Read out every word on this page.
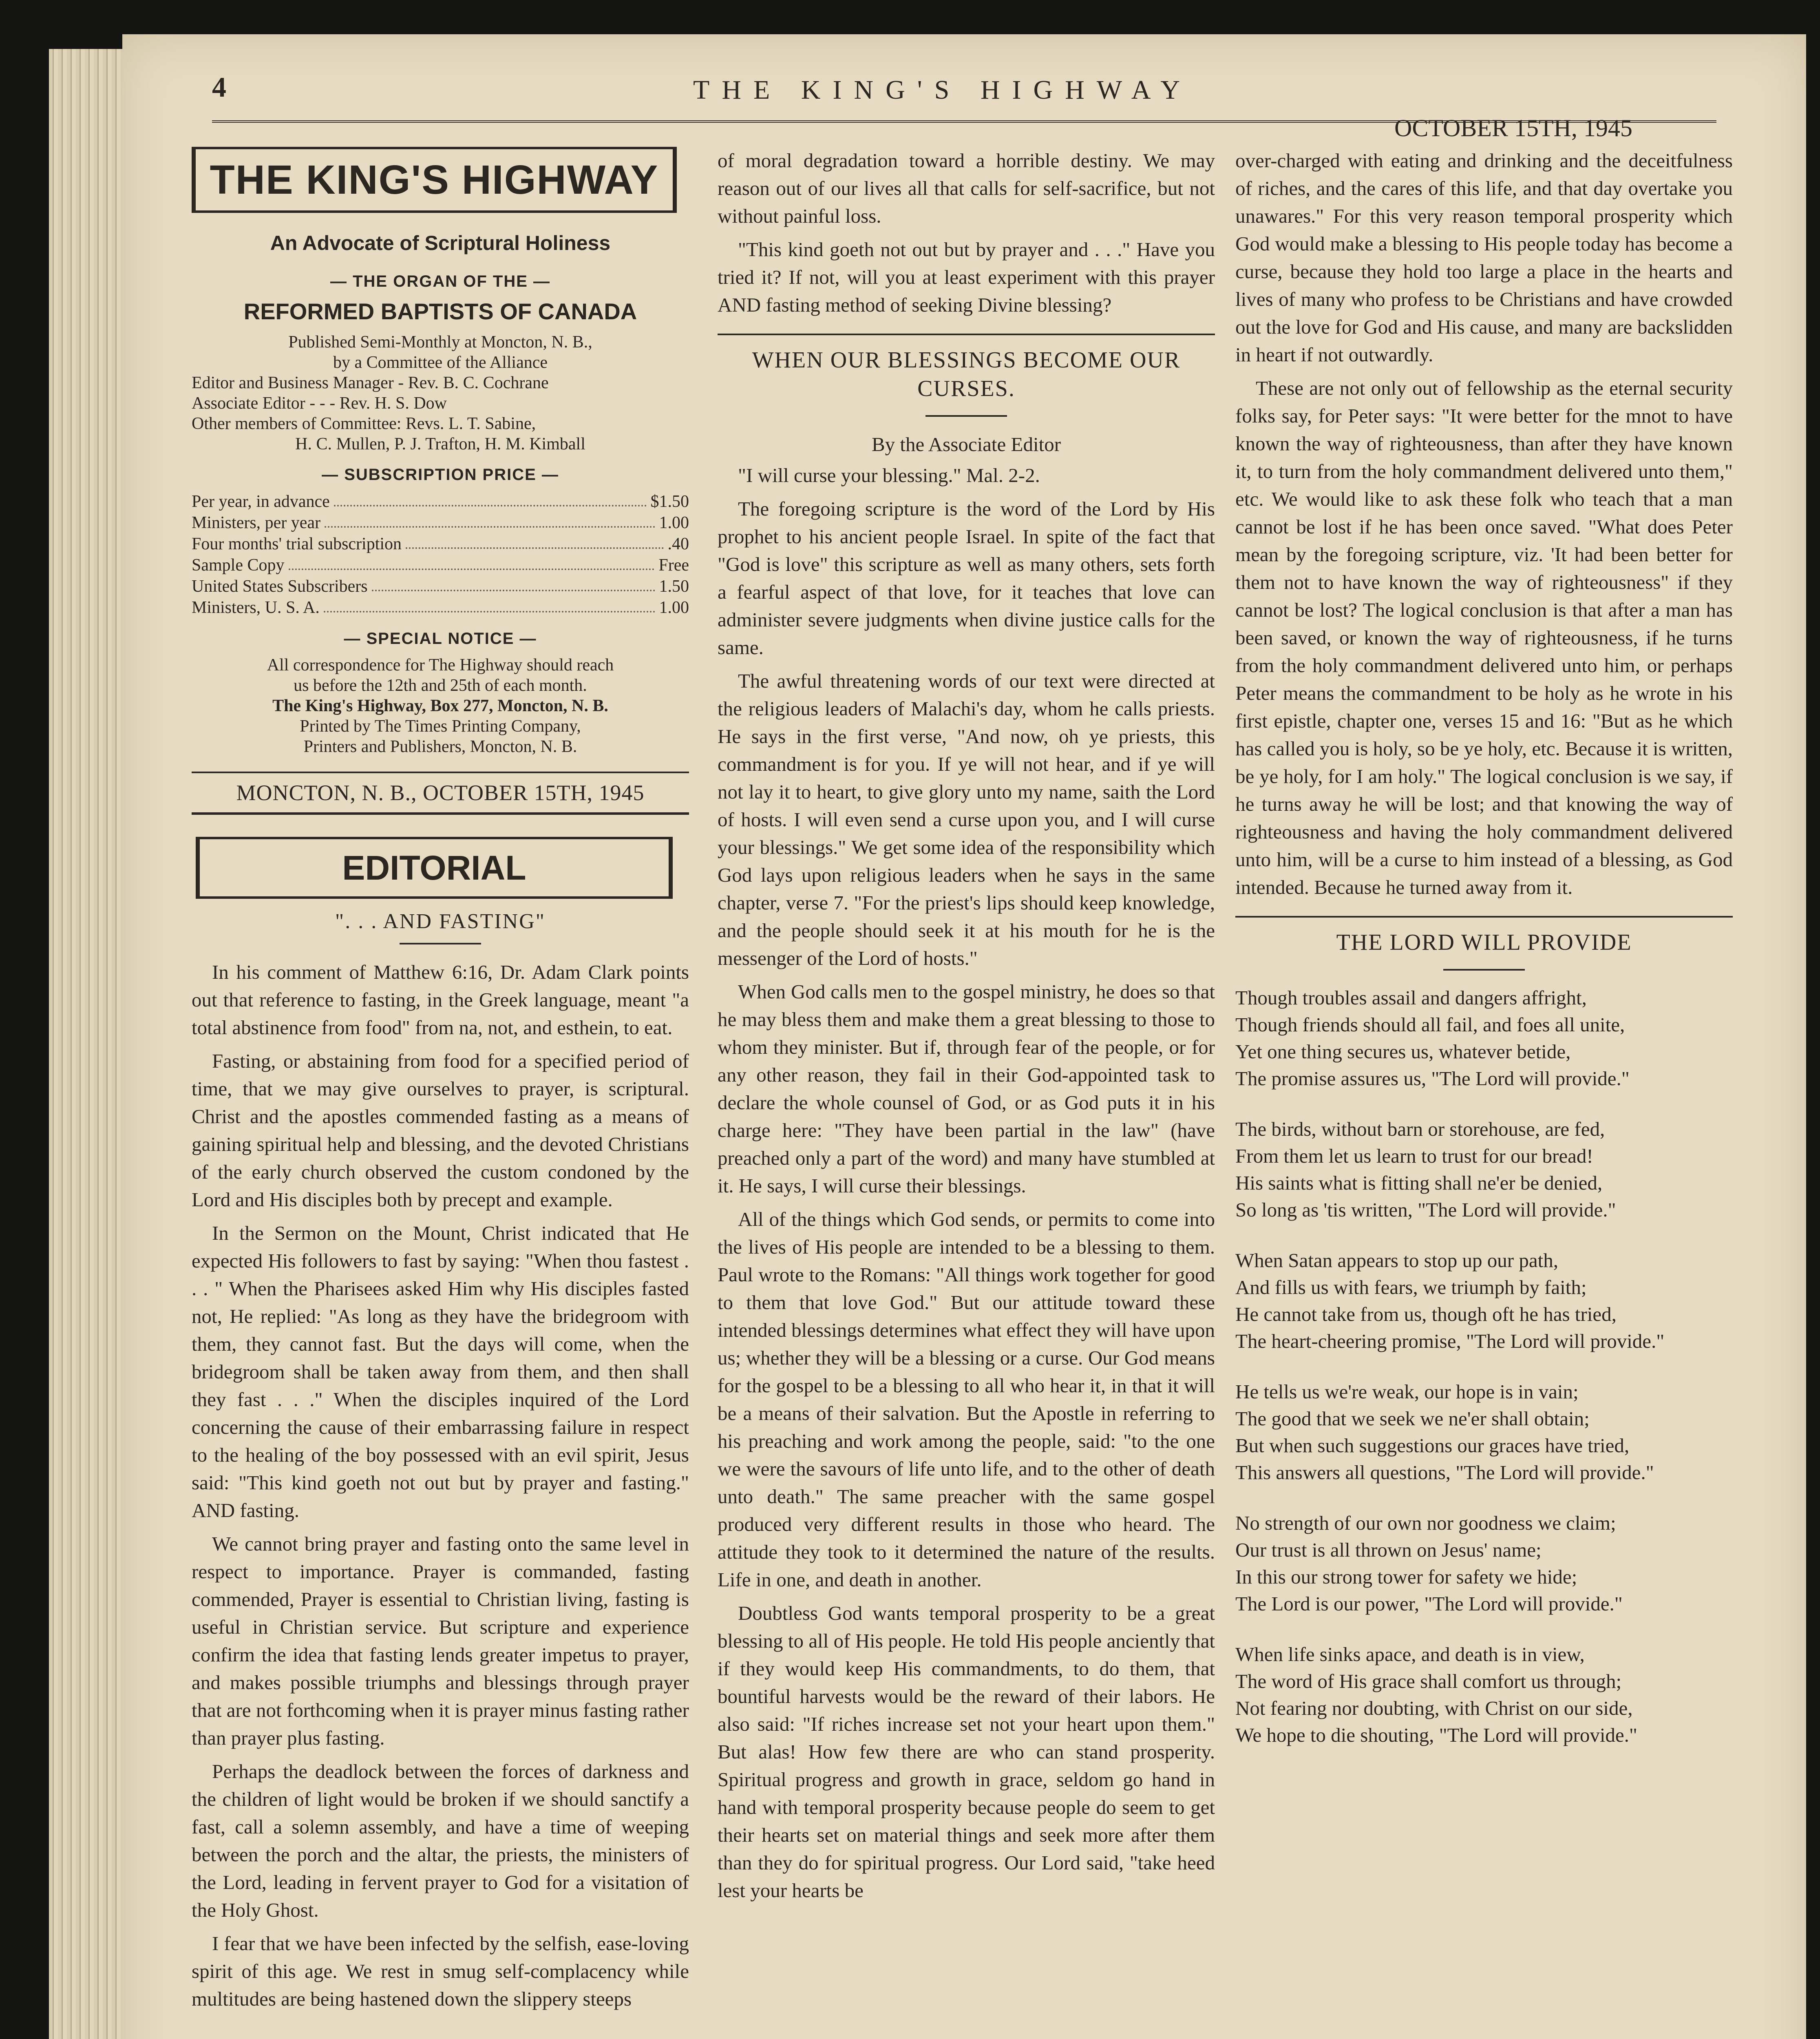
4	THE KING'S HIGHWAY
OCTOBER 15TH, 1945
THE KING'S HIGHWAY
An Advocate of Scriptural Holiness
— THE ORGAN OF THE —
REFORMED BAPTISTS OF CANADA
Published Semi-Monthly at Moncton, N. B.,
by a Committee of the Alliance
Editor and Business Manager - Rev. B. C. Cochrane
Associate Editor - - - Rev. H. S. Dow
Other members of Committee: Revs. L. T. Sabine,
H. C. Mullen, P. J. Trafton, H. M. Kimball
— SUBSCRIPTION PRICE —
Per year, in advance	$1.50
Ministers, per year	1.00
Four months' trial subscription	.40
Sample Copy	Free
United States Subscribers	1.50
Ministers, U. S. A.	1.00
— SPECIAL NOTICE —
All correspondence for The Highway should reach
us before the 12th and 25th of each month.
The King's Highway, Box 277, Moncton, N. B.
Printed by The Times Printing Company,
Printers and Publishers, Moncton, N. B.
MONCTON, N. B., OCTOBER 15TH, 1945
EDITORIAL
". . . AND FASTING"

In his comment of Matthew 6:16, Dr. Adam Clark points out that reference to fasting, in the Greek language, meant "a total abstinence from food" from na, not, and esthein, to eat.

Fasting, or abstaining from food for a specified period of time, that we may give ourselves to prayer, is scriptural. Christ and the apostles commended fasting as a means of gaining spiritual help and blessing, and the devoted Christians of the early church observed the custom condoned by the Lord and His disciples both by precept and example.

In the Sermon on the Mount, Christ indicated that He expected His followers to fast by saying: "When thou fastest . . . " When the Pharisees asked Him why His disciples fasted not, He replied: "As long as they have the bridegroom with them, they cannot fast. But the days will come, when the bridegroom shall be taken away from them, and then shall they fast . . ." When the disciples inquired of the Lord concerning the cause of their embarrassing failure in respect to the healing of the boy possessed with an evil spirit, Jesus said: "This kind goeth not out but by prayer and fasting." AND fasting.

We cannot bring prayer and fasting onto the same level in respect to importance. Prayer is commanded, fasting commended, Prayer is essential to Christian living, fasting is useful in Christian service. But scripture and experience confirm the idea that fasting lends greater impetus to prayer, and makes possible triumphs and blessings through prayer that are not forthcoming when it is prayer minus fasting rather than prayer plus fasting.

Perhaps the deadlock between the forces of darkness and the children of light would be broken if we should sanctify a fast, call a solemn assembly, and have a time of weeping between the porch and the altar, the priests, the ministers of the Lord, leading in fervent prayer to God for a visitation of the Holy Ghost.

I fear that we have been infected by the selfish, ease-loving spirit of this age. We rest in smug self-complacency while multitudes are being hastened down the slippery steeps

of moral degradation toward a horrible destiny. We may reason out of our lives all that calls for self-sacrifice, but not without painful loss.

"This kind goeth not out but by prayer and . . ." Have you tried it? If not, will you at least experiment with this prayer AND fasting method of seeking Divine blessing?

WHEN OUR BLESSINGS BECOME OUR CURSES.
By the Associate Editor

"I will curse your blessing." Mal. 2-2.

The foregoing scripture is the word of the Lord by His prophet to his ancient people Israel. In spite of the fact that "God is love" this scripture as well as many others, sets forth a fearful aspect of that love, for it teaches that love can administer severe judgments when divine justice calls for the same.

The awful threatening words of our text were directed at the religious leaders of Malachi's day, whom he calls priests. He says in the first verse, "And now, oh ye priests, this commandment is for you. If ye will not hear, and if ye will not lay it to heart, to give glory unto my name, saith the Lord of hosts. I will even send a curse upon you, and I will curse your blessings." We get some idea of the responsibility which God lays upon religious leaders when he says in the same chapter, verse 7. "For the priest's lips should keep knowledge, and the people should seek it at his mouth for he is the messenger of the Lord of hosts."

When God calls men to the gospel ministry, he does so that he may bless them and make them a great blessing to those to whom they minister. But if, through fear of the people, or for any other reason, they fail in their God-appointed task to declare the whole counsel of God, or as God puts it in his charge here: "They have been partial in the law" (have preached only a part of the word) and many have stumbled at it. He says, I will curse their blessings.

All of the things which God sends, or permits to come into the lives of His people are intended to be a blessing to them. Paul wrote to the Romans: "All things work together for good to them that love God." But our attitude toward these intended blessings determines what effect they will have upon us; whether they will be a blessing or a curse. Our God means for the gospel to be a blessing to all who hear it, in that it will be a means of their salvation. But the Apostle in referring to his preaching and work among the people, said: "to the one we were the savours of life unto life, and to the other of death unto death." The same preacher with the same gospel produced very different results in those who heard. The attitude they took to it determined the nature of the results. Life in one, and death in another.

Doubtless God wants temporal prosperity to be a great blessing to all of His people. He told His people anciently that if they would keep His commandments, to do them, that bountiful harvests would be the reward of their labors. He also said: "If riches increase set not your heart upon them." But alas! How few there are who can stand prosperity. Spiritual progress and growth in grace, seldom go hand in hand with temporal prosperity because people do seem to get their hearts set on material things and seek more after them than they do for spiritual progress. Our Lord said, "take heed lest your hearts be

over-charged with eating and drinking and the deceitfulness of riches, and the cares of this life, and that day overtake you unawares." For this very reason temporal prosperity which God would make a blessing to His people today has become a curse, because they hold too large a place in the hearts and lives of many who profess to be Christians and have crowded out the love for God and His cause, and many are backslidden in heart if not outwardly.

These are not only out of fellowship as the eternal security folks say, for Peter says: "It were better for the mnot to have known the way of righteousness, than after they have known it, to turn from the holy commandment delivered unto them," etc. We would like to ask these folk who teach that a man cannot be lost if he has been once saved. "What does Peter mean by the foregoing scripture, viz. 'It had been better for them not to have known the way of righteousness" if they cannot be lost? The logical conclusion is that after a man has been saved, or known the way of righteousness, if he turns from the holy commandment delivered unto him, or perhaps Peter means the commandment to be holy as he wrote in his first epistle, chapter one, verses 15 and 16: "But as he which has called you is holy, so be ye holy, etc. Because it is written, be ye holy, for I am holy." The logical conclusion is we say, if he turns away he will be lost; and that knowing the way of righteousness and having the holy commandment delivered unto him, will be a curse to him instead of a blessing, as God intended. Because he turned away from it.

THE LORD WILL PROVIDE
Though troubles assail and dangers affright,
Though friends should all fail, and foes all unite,
Yet one thing secures us, whatever betide,
The promise assures us, "The Lord will provide."
The birds, without barn or storehouse, are fed,
From them let us learn to trust for our bread!
His saints what is fitting shall ne'er be denied,
So long as 'tis written, "The Lord will provide."
When Satan appears to stop up our path,
And fills us with fears, we triumph by faith;
He cannot take from us, though oft he has tried,
The heart-cheering promise, "The Lord will provide."
He tells us we're weak, our hope is in vain;
The good that we seek we ne'er shall obtain;
But when such suggestions our graces have tried,
This answers all questions, "The Lord will provide."
No strength of our own nor goodness we claim;
Our trust is all thrown on Jesus' name;
In this our strong tower for safety we hide;
The Lord is our power, "The Lord will provide."
When life sinks apace, and death is in view,
The word of His grace shall comfort us through;
Not fearing nor doubting, with Christ on our side,
We hope to die shouting, "The Lord will provide."
